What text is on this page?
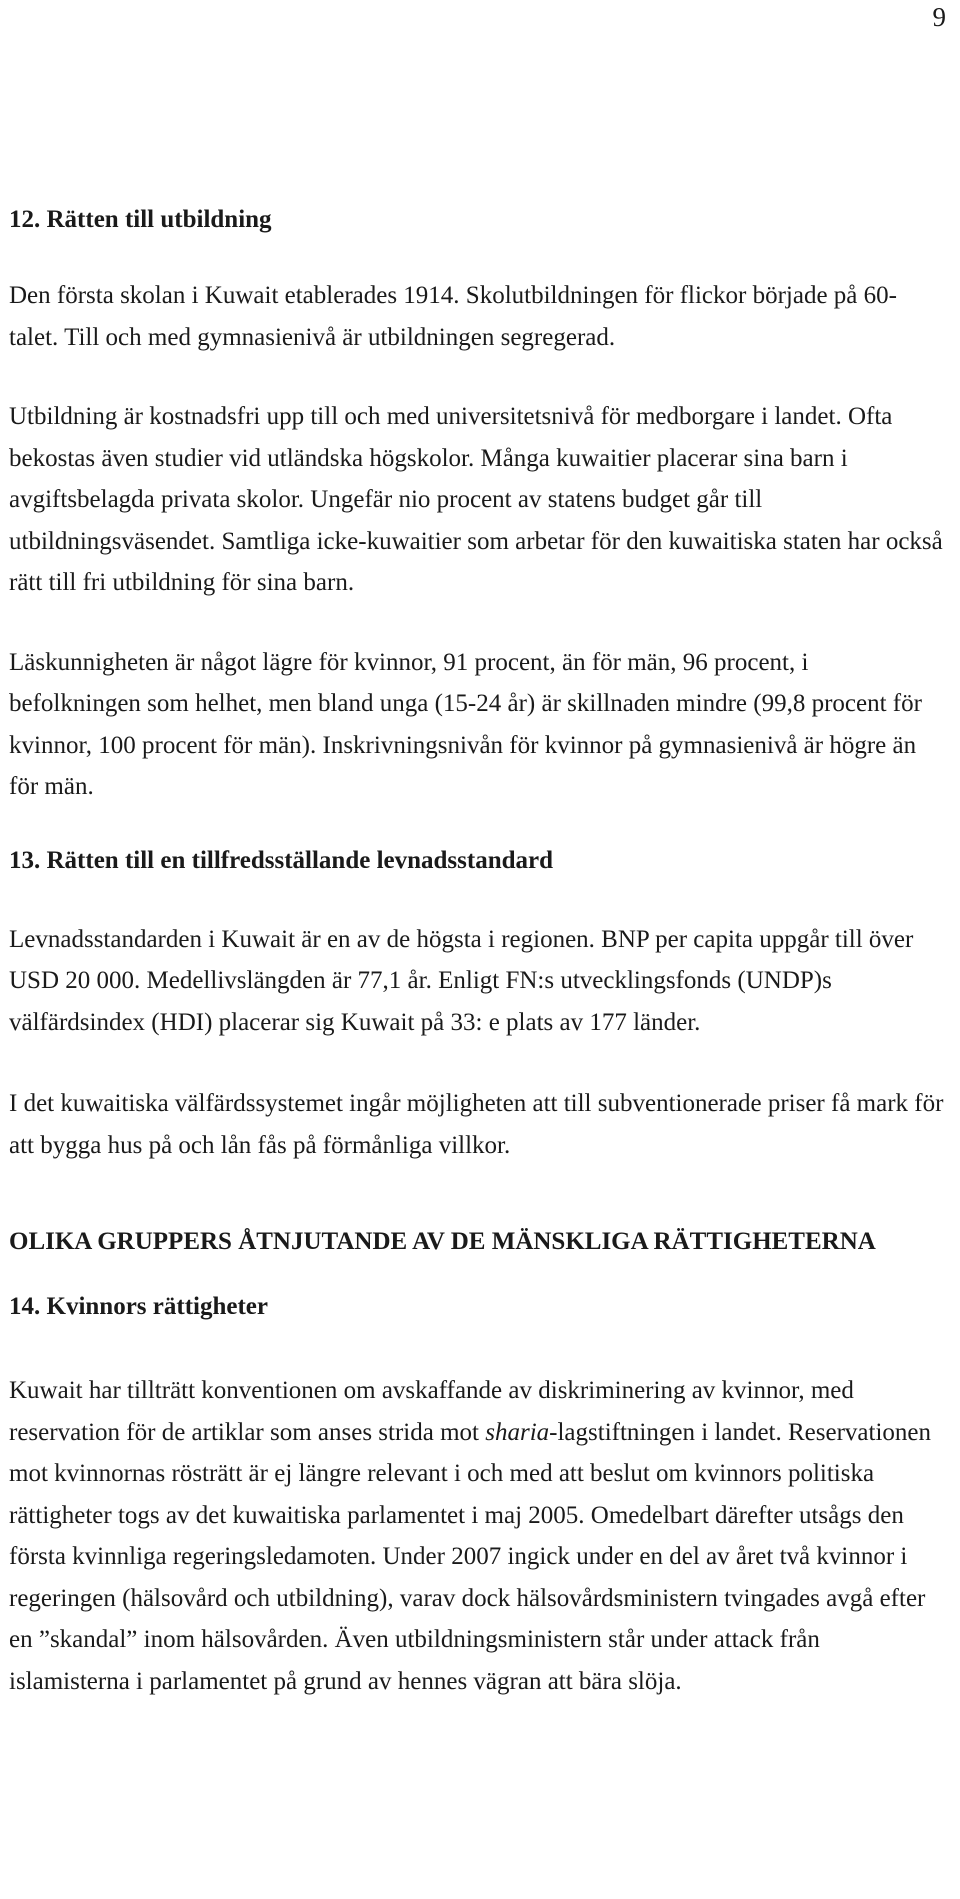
9
12. Rätten till utbildning

Den första skolan i Kuwait etablerades 1914. Skolutbildningen för flickor började på 60-talet. Till och med gymnasienivå är utbildningen segregerad.

Utbildning är kostnadsfri upp till och med universitetsnivå för medborgare i landet. Ofta bekostas även studier vid utländska högskolor. Många kuwaitier placerar sina barn i avgiftsbelagda privata skolor. Ungefär nio procent av statens budget går till utbildningsväsendet. Samtliga icke-kuwaitier som arbetar för den kuwaitiska staten har också rätt till fri utbildning för sina barn.

Läskunnigheten är något lägre för kvinnor, 91 procent, än för män, 96 procent, i befolkningen som helhet, men bland unga (15-24 år) är skillnaden mindre (99,8 procent för kvinnor, 100 procent för män). Inskrivningsnivån för kvinnor på gymnasienivå är högre än för män.

13. Rätten till en tillfredsställande levnadsstandard

Levnadsstandarden i Kuwait är en av de högsta i regionen. BNP per capita uppgår till över USD 20 000. Medellivslängden är 77,1 år. Enligt FN:s utvecklingsfonds (UNDP)s välfärdsindex (HDI) placerar sig Kuwait på 33: e plats av 177 länder.

I det kuwaitiska välfärdssystemet ingår möjligheten att till subventionerade priser få mark för att bygga hus på och lån fås på förmånliga villkor.

OLIKA GRUPPERS ÅTNJUTANDE AV DE MÄNSKLIGA RÄTTIGHETERNA
14. Kvinnors rättigheter

Kuwait har tillträtt konventionen om avskaffande av diskriminering av kvinnor, med reservation för de artiklar som anses strida mot sharia-lagstiftningen i landet. Reservationen mot kvinnornas rösträtt är ej längre relevant i och med att beslut om kvinnors politiska rättigheter togs av det kuwaitiska parlamentet i maj 2005. Omedelbart därefter utsågs den första kvinnliga regeringsledamoten. Under 2007 ingick under en del av året två kvinnor i regeringen (hälsovård och utbildning), varav dock hälsovårdsministern tvingades avgå efter en ”skandal” inom hälsovården. Även utbildningsministern står under attack från islamisterna i parlamentet på grund av hennes vägran att bära slöja.
